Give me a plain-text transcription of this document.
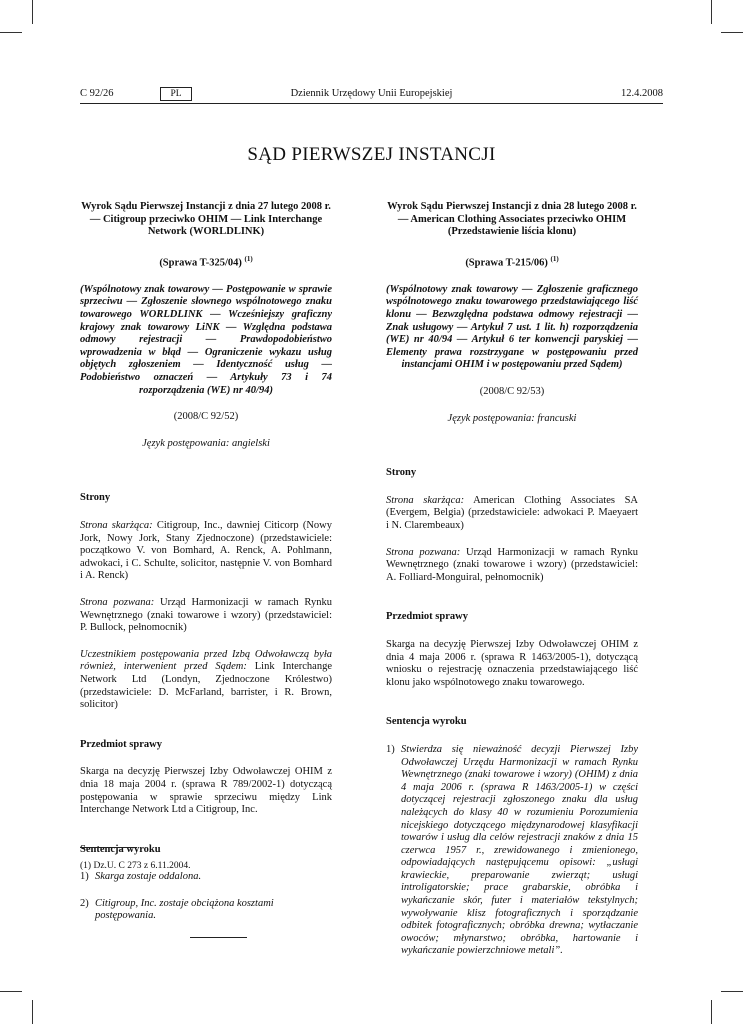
C 92/26	PL	Dziennik Urzędowy Unii Europejskiej	12.4.2008
SĄD PIERWSZEJ INSTANCJI

Wyrok Sądu Pierwszej Instancji z dnia 27 lutego 2008 r. — Citigroup przeciwko OHIM — Link Interchange Network (WORLDLINK)

(Sprawa T-325/04) $^{(1)}$

(Wspólnotowy znak towarowy — Postępowanie w sprawie sprzeciwu — Zgłoszenie słownego wspólnotowego znaku towarowego WORLDLINK — Wcześniejszy graficzny krajowy znak towarowy LiNK — Względna podstawa odmowy rejestracji — Prawdopodobieństwo wprowadzenia w błąd — Ograniczenie wykazu usług objętych zgłoszeniem — Identyczność usług — Podobieństwo oznaczeń — Artykuły 73 i 74 rozporządzenia (WE) nr 40/94)

(2008/C 92/52)

Język postępowania: angielski

Strony

Strona skarżąca: Citigroup, Inc., dawniej Citicorp (Nowy Jork, Nowy Jork, Stany Zjednoczone) (przedstawiciele: początkowo V. von Bomhard, A. Renck, A. Pohlmann, adwokaci, i C. Schulte, solicitor, następnie V. von Bomhard i A. Renck)

Strona pozwana: Urząd Harmonizacji w ramach Rynku Wewnętrznego (znaki towarowe i wzory) (przedstawiciel: P. Bullock, pełnomocnik)

Uczestnikiem postępowania przed Izbą Odwoławczą była również, interwenient przed Sądem: Link Interchange Network Ltd (Londyn, Zjednoczone Królestwo) (przedstawiciele: D. McFarland, barrister, i R. Brown, solicitor)

Przedmiot sprawy

Skarga na decyzję Pierwszej Izby Odwoławczej OHIM z dnia 18 maja 2004 r. (sprawa R 789/2002-1) dotyczącą postępowania w sprawie sprzeciwu między Link Interchange Network Ltd a Citigroup, Inc.

Sentencja wyroku

1) Skarga zostaje oddalona.
2) Citigroup, Inc. zostaje obciążona kosztami postępowania.
(1) Dz.U. C 273 z 6.11.2004.

Wyrok Sądu Pierwszej Instancji z dnia 28 lutego 2008 r. — American Clothing Associates przeciwko OHIM (Przedstawienie liścia klonu)

(Sprawa T-215/06) $^{(1)}$

(Wspólnotowy znak towarowy — Zgłoszenie graficznego wspólnotowego znaku towarowego przedstawiającego liść klonu — Bezwzględna podstawa odmowy rejestracji — Znak usługowy — Artykuł 7 ust. 1 lit. h) rozporządzenia (WE) nr 40/94 — Artykuł 6 ter konwencji paryskiej — Elementy prawa rozstrzygane w postępowaniu przed instancjami OHIM i w postępowaniu przed Sądem)

(2008/C 92/53)

Język postępowania: francuski

Strony

Strona skarżąca: American Clothing Associates SA (Evergem, Belgia) (przedstawiciele: adwokaci P. Maeyaert i N. Clarembeaux)

Strona pozwana: Urząd Harmonizacji w ramach Rynku Wewnętrznego (znaki towarowe i wzory) (przedstawiciel: A. Folliard-Monguiral, pełnomocnik)

Przedmiot sprawy

Skarga na decyzję Pierwszej Izby Odwoławczej OHIM z dnia 4 maja 2006 r. (sprawa R 1463/2005-1), dotyczącą wniosku o rejestrację oznaczenia przedstawiającego liść klonu jako wspólnotowego znaku towarowego.

Sentencja wyroku

1) Stwierdza się nieważność decyzji Pierwszej Izby Odwoławczej Urzędu Harmonizacji w ramach Rynku Wewnętrznego (znaki towarowe i wzory) (OHIM) z dnia 4 maja 2006 r. (sprawa R 1463/2005-1) w części dotyczącej rejestracji zgłoszonego znaku dla usług należących do klasy 40 w rozumieniu Porozumienia nicejskiego dotyczącego międzynarodowej klasyfikacji towarów i usług dla celów rejestracji znaków z dnia 15 czerwca 1957 r., zrewidowanego i zmienionego, odpowiadających następującemu opisowi: „usługi krawieckie, preparowanie zwierząt; usługi introligatorskie; prace grabarskie, obróbka i wykańczanie skór, futer i materiałów tekstylnych; wywoływanie klisz fotograficznych i sporządzanie odbitek fotograficznych; obróbka drewna; wytłaczanie owoców; młynarstwo; obróbka, hartowanie i wykańczanie powierzchniowe metali”.
